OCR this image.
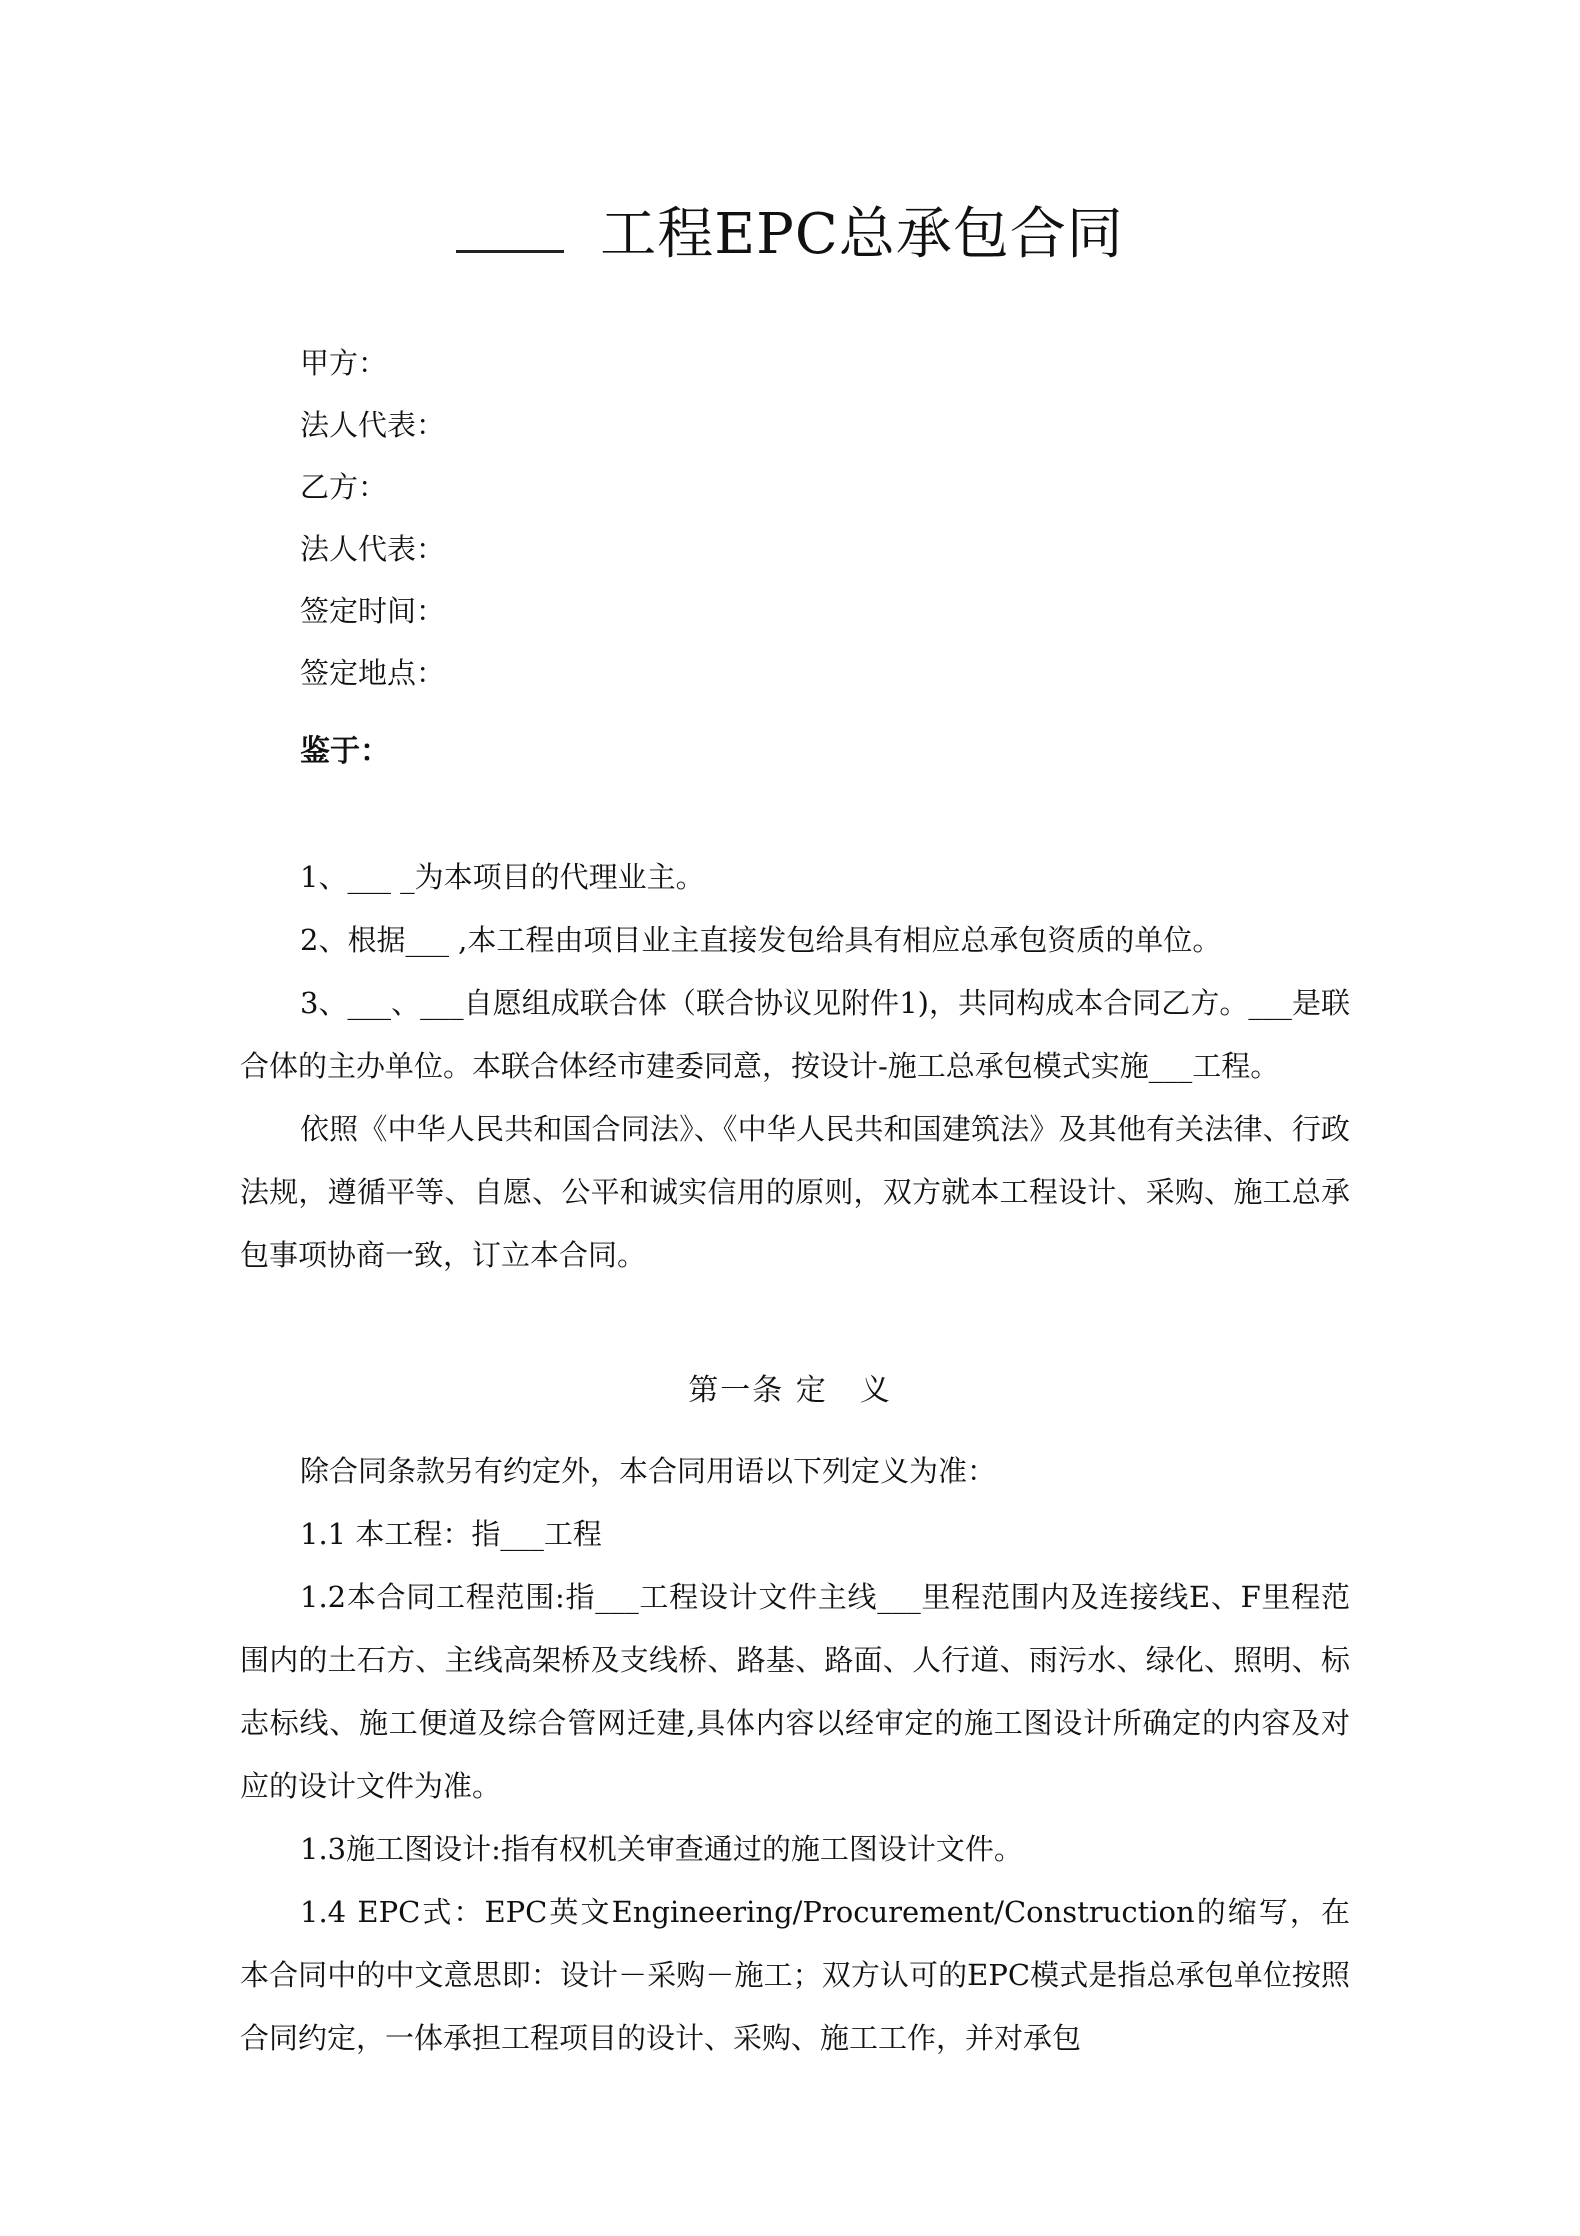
工程EPC总承包合同
甲方：
法人代表：
乙方：
法人代表：
签定时间：
签定地点：
鉴于：

1、___ _为本项目的代理业主。

2、根据___ ,本工程由项目业主直接发包给具有相应总承包资质的单位。

3、___、___自愿组成联合体（联合协议见附件1)，共同构成本合同乙方。___是联合体的主办单位。本联合体经市建委同意，按设计-施工总承包模式实施___工程。

依照《中华人民共和国合同法》、《中华人民共和国建筑法》及其他有关法律、行政法规，遵循平等、自愿、公平和诚实信用的原则，双方就本工程设计、采购、施工总承包事项协商一致，订立本合同。

第一条 定　义

除合同条款另有约定外，本合同用语以下列定义为准：

1.1 本工程：指___工程

1.2本合同工程范围:指___工程设计文件主线___里程范围内及连接线E、F里程范围内的土石方、主线高架桥及支线桥、路基、路面、人行道、雨污水、绿化、照明、标志标线、施工便道及综合管网迁建,具体内容以经审定的施工图设计所确定的内容及对应的设计文件为准。

1.3施工图设计:指有权机关审查通过的施工图设计文件。

1.4 EPC式：EPC英文Engineering/Procurement/Construction的缩写，在本合同中的中文意思即：设计－采购－施工；双方认可的EPC模式是指总承包单位按照合同约定，一体承担工程项目的设计、采购、施工工作，并对承包
